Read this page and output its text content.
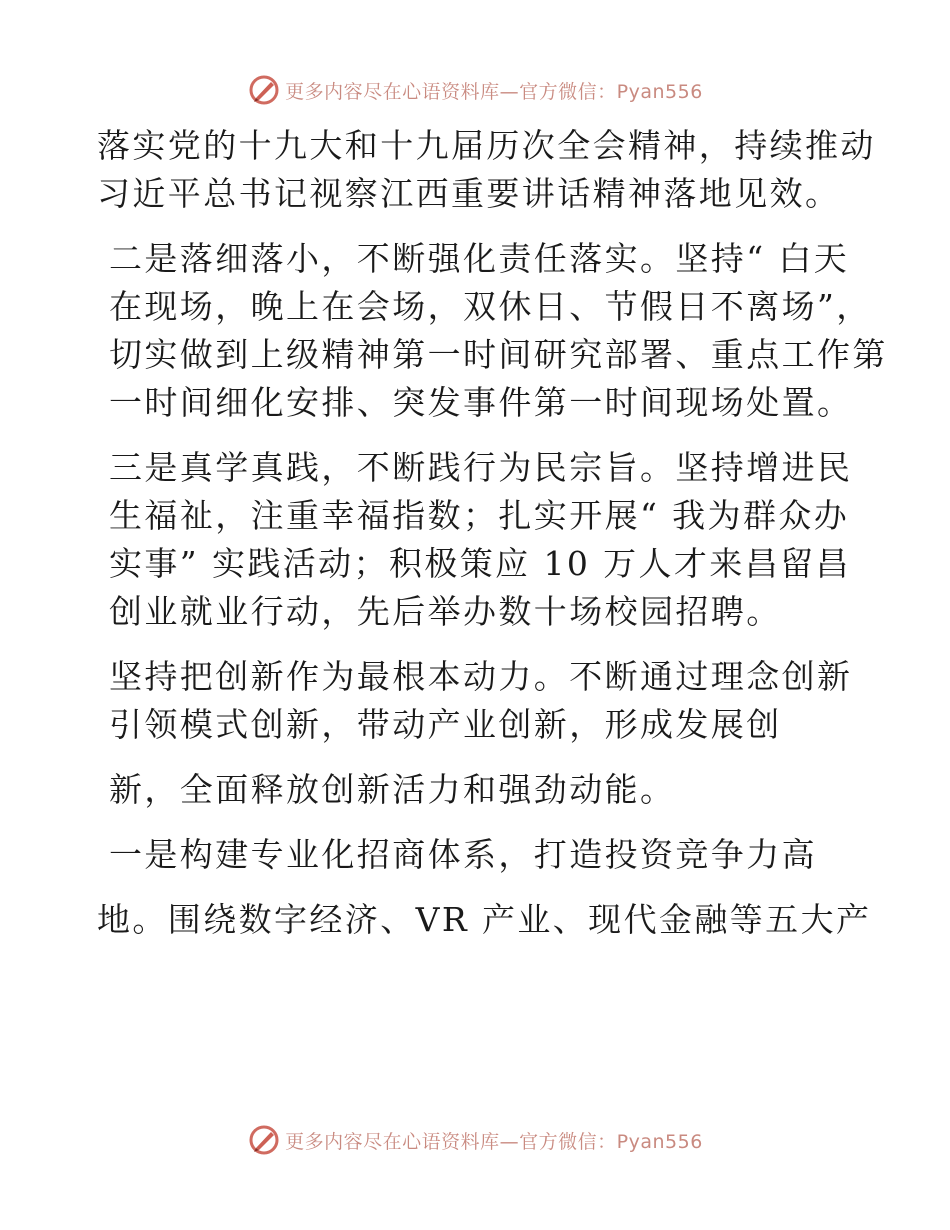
更多内容尽在心语资料库—官方微信：Pyan556
落实党的十九大和十九届历次全会精神，持续推动
习近平总书记视察江西重要讲话精神落地见效。
二是落细落小，不断强化责任落实。坚持“ 白天
在现场，晚上在会场，双休日、节假日不离场”，
切实做到上级精神第一时间研究部署、重点工作第
一时间细化安排、突发事件第一时间现场处置。
三是真学真践，不断践行为民宗旨。坚持增进民
生福祉，注重幸福指数；扎实开展“ 我为群众办
实事” 实践活动；积极策应 10 万人才来昌留昌
创业就业行动，先后举办数十场校园招聘。
坚持把创新作为最根本动力。不断通过理念创新
引领模式创新，带动产业创新，形成发展创
新，全面释放创新活力和强劲动能。
一是构建专业化招商体系，打造投资竞争力高
地。围绕数字经济、VR 产业、现代金融等五大产
更多内容尽在心语资料库—官方微信：Pyan556
